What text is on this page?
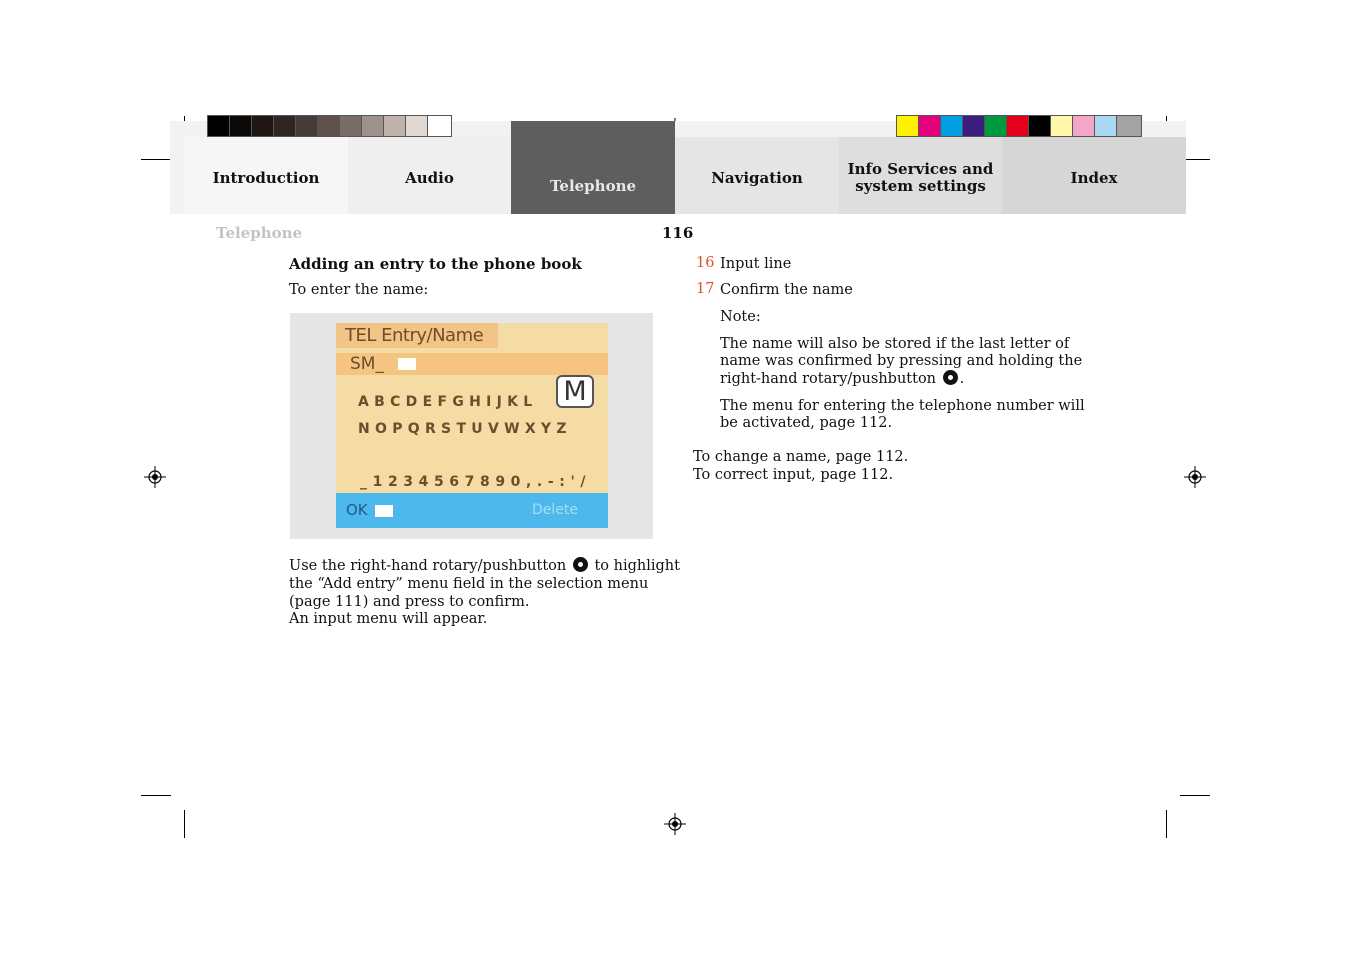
Introduction	Audio	Telephone	Navigation
Info Services and
system settings	Index
Telephone	116
Adding an entry to the phone book
To enter the name:
TEL Entry/Name
SM_
ABCDEFGHIJKL M
NOPQRSTUVWXYZ
_1234567890,.-:'/
OK	Delete
Use the right-hand rotary/pushbutton to highlight
the “Add entry” menu field in the selection menu
(page 111) and press to confirm.
An input menu will appear.
16 Input line
17 Confirm the name
Note:
The name will also be stored if the last letter of
name was confirmed by pressing and holding the
right-hand rotary/pushbutton .
The menu for entering the telephone number will
be activated, page 112.
To change a name, page 112.
To correct input, page 112.
